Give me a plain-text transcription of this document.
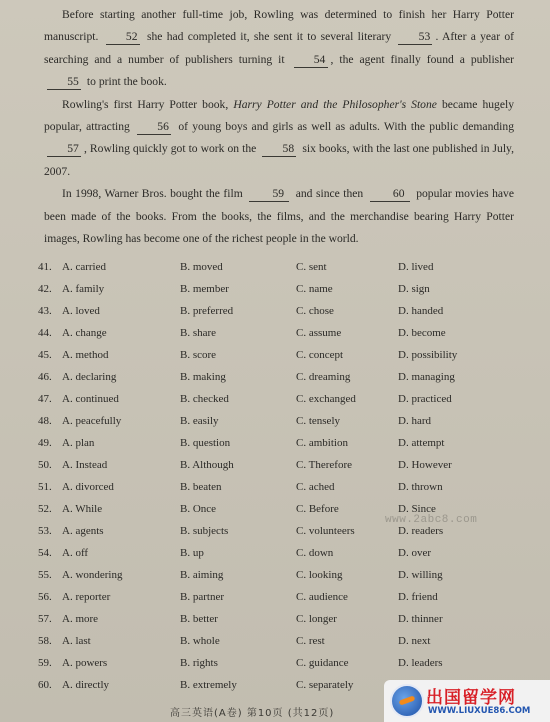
Before starting another full-time job, Rowling was determined to finish her Harry Potter manuscript. 52 she had completed it, she sent it to several literary 53 . After a year of searching and a number of publishers turning it	54 , the agent finally found a publisher 55 to print the book.

Rowling's first Harry Potter book, Harry Potter and the Philosopher's Stone became hugely popular, attracting 56 of young boys and girls as well as adults. With the public demanding 57 , Rowling quickly got to work on the 58 six books, with the last one published in July, 2007.

In 1998, Warner Bros. bought the film	59 and since then	60 popular movies have been made of the books. From the books, the films, and the merchandise bearing Harry Potter images, Rowling has become one of the richest people in the world.

41. A. carried	B. moved	C. sent	D. lived
42. A. family	B. member	C. name	D. sign
43. A. loved	B. preferred	C. chose	D. handed
44. A. change	B. share	C. assume	D. become
45. A. method	B. score	C. concept	D. possibility
46. A. declaring	B. making	C. dreaming	D. managing
47. A. continued	B. checked	C. exchanged	D. practiced
48. A. peacefully	B. easily	C. tensely	D. hard
49. A. plan	B. question	C. ambition	D. attempt
50. A. Instead	B. Although	C. Therefore	D. However
51. A. divorced	B. beaten	C. ached	D. thrown
52. A. While	B. Once	C. Before	D. Since
53. A. agents	B. subjects	C. volunteers	D. readers
54. A. off	B. up	C. down	D. over
55. A. wondering	B. aiming	C. looking	D. willing
56. A. reporter	B. partner	C. audience	D. friend
57. A. more	B. better	C. longer	D. thinner
58. A. last	B. whole	C. rest	D. next
59. A. powers	B. rights	C. guidance	D. leaders
60. A. directly	B. extremely	C. separately
www.2abc8.com
高三英语(A卷) 第10页 (共12页)
出国留学网
WWW.LIUXUE86.COM
